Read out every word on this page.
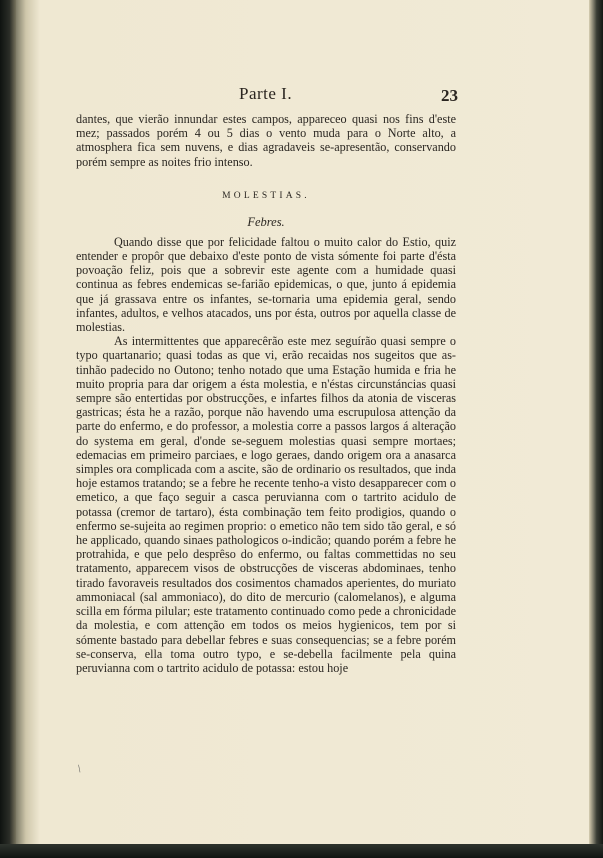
Parte I.	23

dantes, que vierão innundar estes campos, appareceo quasi nos fins d'este mez; passados porém 4 ou 5 dias o vento muda para o Norte alto, a atmosphera fica sem nuvens, e dias agradaveis se-apresentão, conservando porém sempre as noites frio intenso.

MOLESTIAS.
Febres.

Quando disse que por felicidade faltou o muito calor do Estio, quiz entender e propôr que debaixo d'este ponto de vista sómente foi parte d'ésta povoação feliz, pois que a sobrevir este agente com a humidade quasi continua as febres endemicas se-farião epidemicas, o que, junto á epidemia que já grassava entre os infantes, se-tornaria uma epidemia geral, sendo infantes, adultos, e velhos atacados, uns por ésta, outros por aquella classe de molestias.

As intermittentes que apparecêrão este mez seguírão quasi sempre o typo quartanario; quasi todas as que vi, erão recaidas nos sugeitos que as-tinhão padecido no Outono; tenho notado que uma Estação humida e fria he muito propria para dar origem a ésta molestia, e n'éstas circunstáncias quasi sempre são entertidas por obstrucções, e infartes filhos da atonia de visceras gastricas; ésta he a razão, porque não havendo uma escrupulosa attenção da parte do enfermo, e do professor, a molestia corre a passos largos á alteração do systema em geral, d'onde se-seguem molestias quasi sempre mortaes; edemacias em primeiro parciaes, e logo geraes, dando origem ora a anasarca simples ora complicada com a ascite, são de ordinario os resultados, que inda hoje estamos tratando; se a febre he recente tenho-a visto desapparecer com o emetico, a que faço seguir a casca peruvianna com o tartrito acidulo de potassa (cremor de tartaro), ésta combinação tem feito prodigios, quando o enfermo se-sujeita ao regimen proprio: o emetico não tem sido tão geral, e só he applicado, quando sinaes pathologicos o-indicão; quando porém a febre he protrahida, e que pelo desprêso do enfermo, ou faltas commettidas no seu tratamento, apparecem visos de obstrucções de visceras abdominaes, tenho tirado favoraveis resultados dos cosimentos chamados aperientes, do muriato ammoniacal (sal ammoniaco), do dito de mercurio (calomelanos), e alguma scilla em fórma pilular; este tratamento continuado como pede a chronicidade da molestia, e com attenção em todos os meios hygienicos, tem por si sómente bastado para debellar febres e suas consequencias; se a febre porém se-conserva, ella toma outro typo, e se-debella facilmente pela quina peruvianna com o tartrito acidulo de potassa: estou hoje

/
